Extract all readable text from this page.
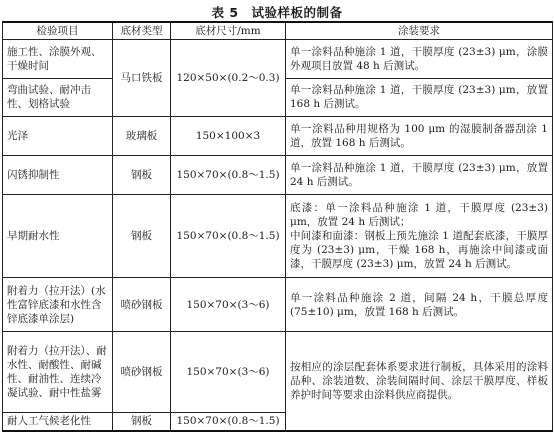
表 5　试验样板的制备
检验项目	底材类型	底材尺寸/mm	涂装要求
施工性、涂膜外观、干燥时间	马口铁板	120×50×(0.2～0.3)	单一涂料品种施涂 1 道，干膜厚度 (23±3) μm，涂膜外观项目放置 48 h 后测试。

弯曲试验、耐冲击性、划格试验			单一涂料品种施涂 1 道，干膜厚度 (23±3) μm，放置 168 h 后测试。

光泽	玻璃板	150×100×3	单一涂料品种用规格为 100 μm 的湿膜制备器刮涂 1 道，放置 168 h 后测试。

闪锈抑制性	钢板	150×70×(0.8～1.5)	单一涂料品种施涂 1 道，干膜厚度 (23±3) μm，放置 24 h 后测试。

早期耐水性	钢板	150×70×(0.8～1.5)	底漆：单一涂料品种施涂 1 道，干膜厚度 (23±3) μm，放置 24 h 后测试；
中间漆和面漆：钢板上预先施涂 1 道配套底漆，干膜厚度为 (23±3) μm，干燥 168 h，再施涂中间漆或面漆，干膜厚度 (23±3) μm，放置 24 h 后测试。

附着力（拉开法）(水性富锌底漆和水性含锌底漆单涂层)	喷砂钢板	150×70×(3～6)	单一涂料品种施涂 2 道，间隔 24 h，干膜总厚度 (75±10) μm，放置 168 h 后测试。

附着力（拉开法）、耐水性、耐酸性、耐碱性、耐油性、连续冷凝试验、耐中性盐雾	喷砂钢板	150×70×(3～6)	按相应的涂层配套体系要求进行制板，具体采用的涂料品种、涂装道数、涂装间隔时间、涂层干膜厚度、样板养护时间等要求由涂料供应商提供。

耐人工气候老化性	钢板	150×70×(0.8～1.5)	
